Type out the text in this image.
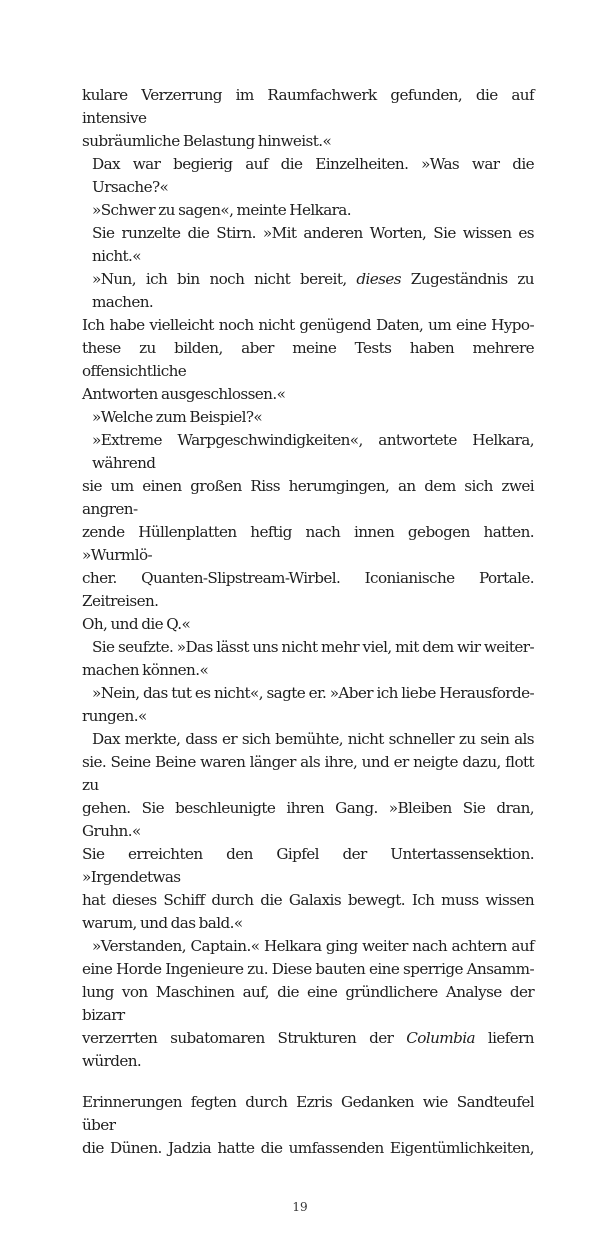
kulare Verzerrung im Raumfachwerk gefunden, die auf intensive
subräumliche Belastung hinweist.«
Dax war begierig auf die Einzelheiten. »Was war die Ursache?«
»Schwer zu sagen«, meinte Helkara.
Sie runzelte die Stirn. »Mit anderen Worten, Sie wissen es nicht.«
»Nun, ich bin noch nicht bereit, dieses Zugeständnis zu machen.
Ich habe vielleicht noch nicht genügend Daten, um eine Hypo-
these zu bilden, aber meine Tests haben mehrere offensichtliche
Antworten ausgeschlossen.«
»Welche zum Beispiel?«
»Extreme Warpgeschwindigkeiten«, antwortete Helkara, während
sie um einen großen Riss herumgingen, an dem sich zwei angren-
zende Hüllenplatten heftig nach innen gebogen hatten. »Wurmlö-
cher. Quanten-Slipstream-Wirbel. Iconianische Portale. Zeitreisen.
Oh, und die Q.«
Sie seufzte. »Das lässt uns nicht mehr viel, mit dem wir weiter-
machen können.«
»Nein, das tut es nicht«, sagte er. »Aber ich liebe Herausforde-
rungen.«
Dax merkte, dass er sich bemühte, nicht schneller zu sein als
sie. Seine Beine waren länger als ihre, und er neigte dazu, flott zu
gehen. Sie beschleunigte ihren Gang. »Bleiben Sie dran, Gruhn.«
Sie erreichten den Gipfel der Untertassensektion. »Irgendetwas
hat dieses Schiff durch die Galaxis bewegt. Ich muss wissen
warum, und das bald.«
»Verstanden, Captain.« Helkara ging weiter nach achtern auf
eine Horde Ingenieure zu. Diese bauten eine sperrige Ansamm-
lung von Maschinen auf, die eine gründlichere Analyse der bizarr
verzerrten subatomaren Strukturen der Columbia liefern würden.
Erinnerungen fegten durch Ezris Gedanken wie Sandteufel über
die Dünen. Jadzia hatte die umfassenden Eigentümlichkeiten,
19
